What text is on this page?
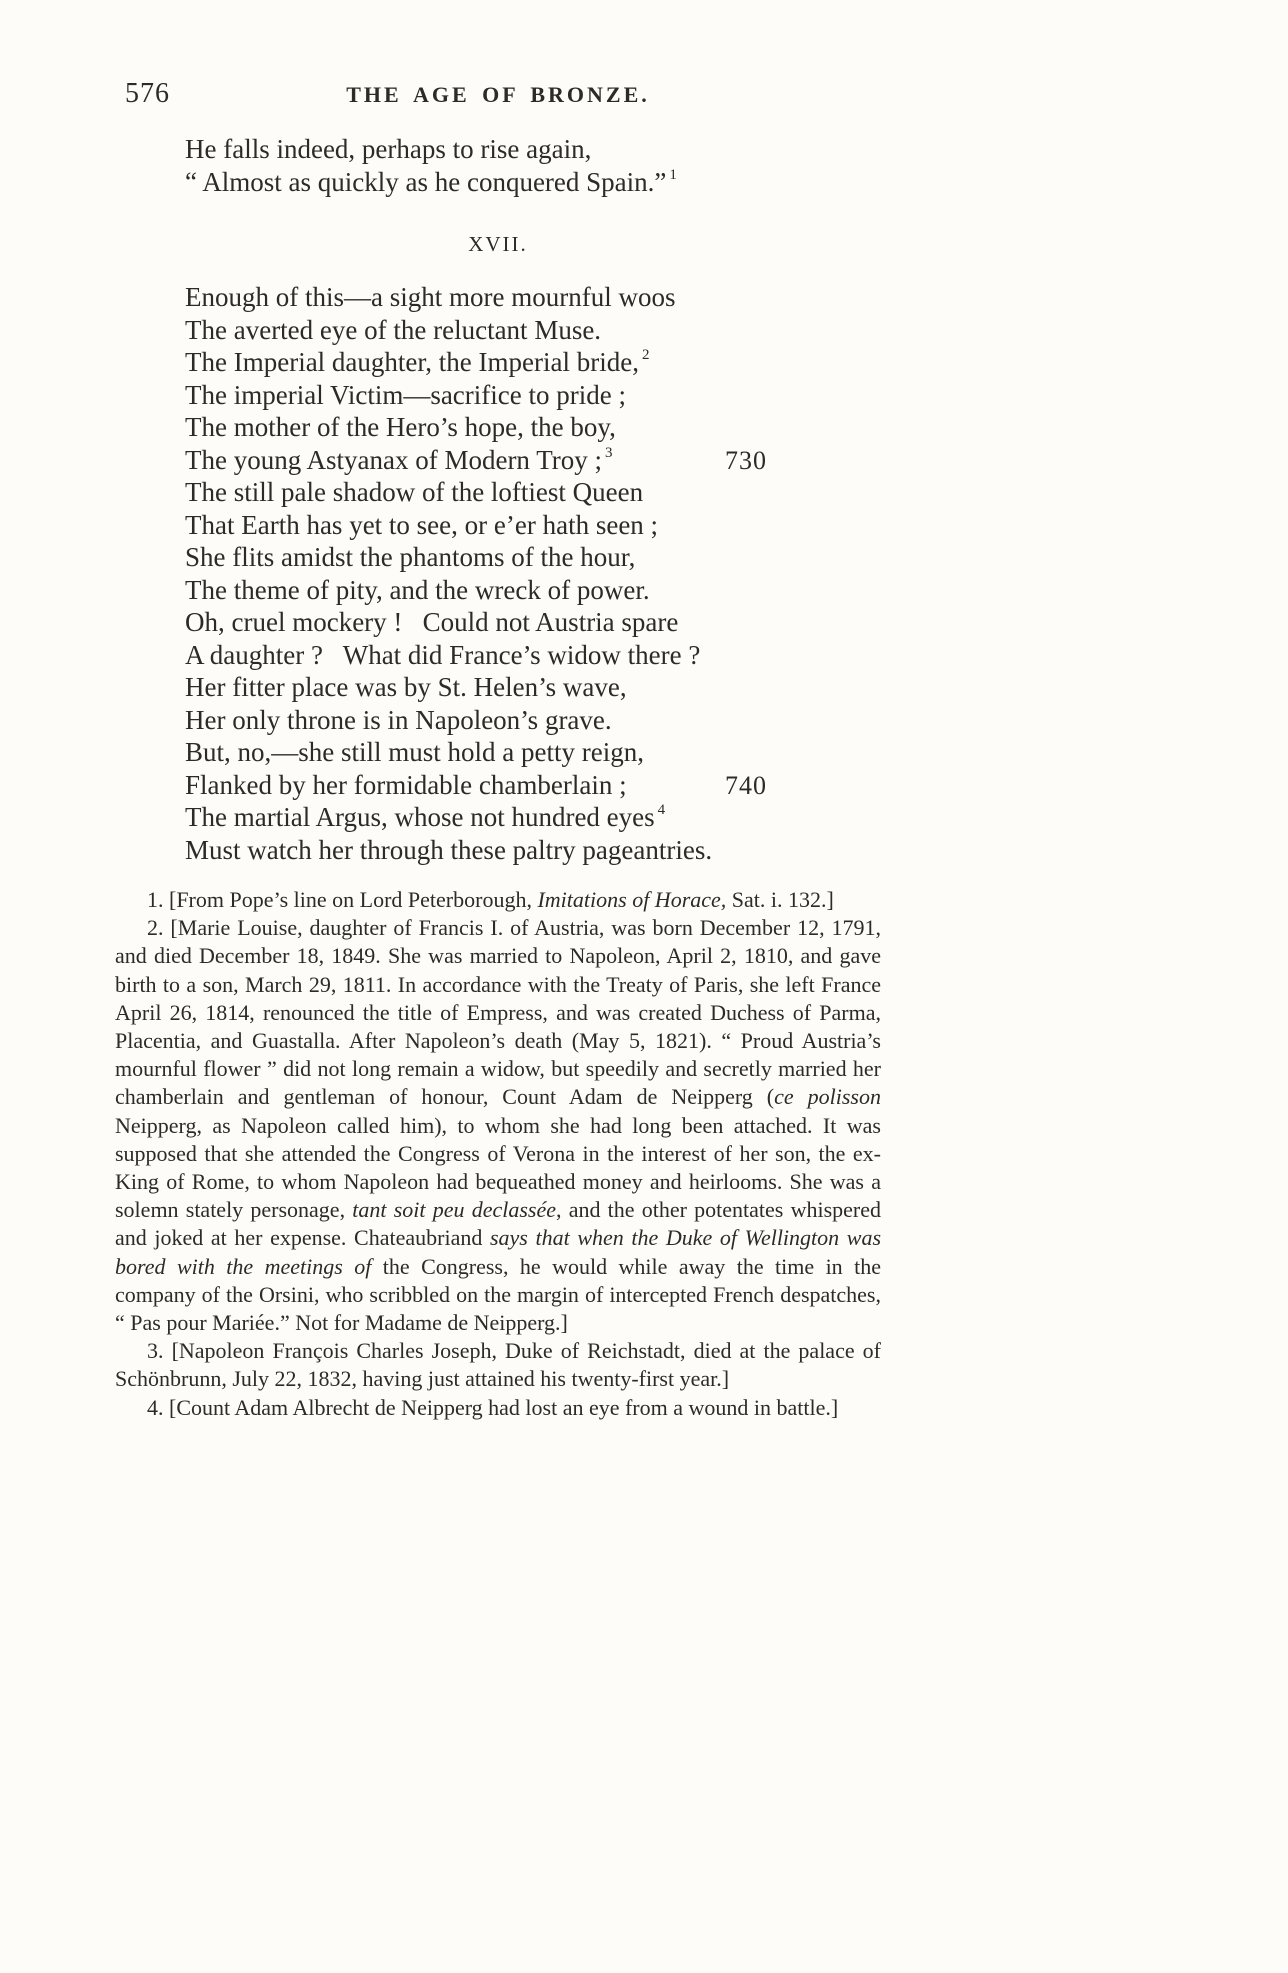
576	THE AGE OF BRONZE.
He falls indeed, perhaps to rise again,
“ Almost as quickly as he conquered Spain.” $^1$
XVII.
Enough of this—a sight more mournful woos
The averted eye of the reluctant Muse.
The Imperial daughter, the Imperial bride, $^2$
The imperial Victim—sacrifice to pride ;
The mother of the Hero’s hope, the boy,
The young Astyanax of Modern Troy ; $^3$	730
The still pale shadow of the loftiest Queen
That Earth has yet to see, or e’er hath seen ;
She flits amidst the phantoms of the hour,
The theme of pity, and the wreck of power.
Oh, cruel mockery !   Could not Austria spare
A daughter ?   What did France’s widow there ?
Her fitter place was by St. Helen’s wave,
Her only throne is in Napoleon’s grave.
But, no,—she still must hold a petty reign,
Flanked by her formidable chamberlain ;	740
The martial Argus, whose not hundred eyes $^4$
Must watch her through these paltry pageantries.

1. [From Pope’s line on Lord Peterborough, Imitations of Horace, Sat. i. 132.]

2. [Marie Louise, daughter of Francis I. of Austria, was born December 12, 1791, and died December 18, 1849. She was married to Napoleon, April 2, 1810, and gave birth to a son, March 29, 1811. In accordance with the Treaty of Paris, she left France April 26, 1814, renounced the title of Empress, and was created Duchess of Parma, Placentia, and Guastalla. After Napoleon’s death (May 5, 1821). “ Proud Austria’s mournful flower ” did not long remain a widow, but speedily and secretly married her chamberlain and gentleman of honour, Count Adam de Neipperg (ce polisson Neipperg, as Napoleon called him), to whom she had long been attached. It was supposed that she attended the Congress of Verona in the interest of her son, the ex-King of Rome, to whom Napoleon had bequeathed money and heirlooms. She was a solemn stately personage, tant soit peu declassée, and the other potentates whispered and joked at her expense. Chateaubriand says that when the Duke of Wellington was bored with the meetings of the Congress, he would while away the time in the company of the Orsini, who scribbled on the margin of intercepted French despatches, “ Pas pour Mariée.” Not for Madame de Neipperg.]

3. [Napoleon François Charles Joseph, Duke of Reichstadt, died at the palace of Schönbrunn, July 22, 1832, having just attained his twenty-first year.]

4. [Count Adam Albrecht de Neipperg had lost an eye from a wound in battle.]
